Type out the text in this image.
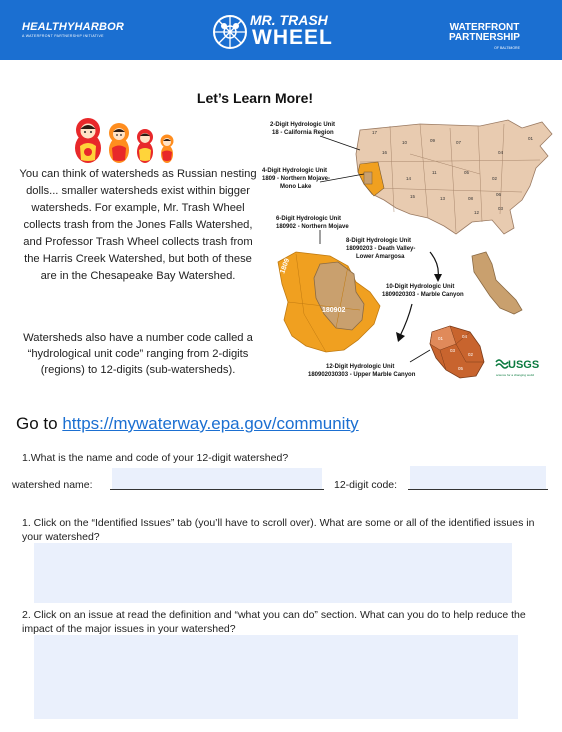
HEALTHYHARBOR
A WATERFRONT PARTNERSHIP INITIATIVE
MR. TRASH
WHEEL	WATERFRONT
PARTNERSHIP
OF BALTIMORE
Let’s Learn More!
You can think of watersheds as Russian nesting dolls... smaller watersheds exist within bigger watersheds. For example, Mr. Trash Wheel collects trash from the Jones Falls Watershed, and Professor Trash Wheel collects trash from the Harris Creek Watershed, but both of these are in the Chesapeake Bay Watershed.
Watersheds also have a number code called a “hydrological unit code” ranging from 2-digits (regions) to 12-digits (sub-watersheds).
17
10	09	07
04
01
14
11	05
02
15	13	08
06
12
03
16
2-Digit Hydrologic Unit
18 - California Region
4-Digit Hydrologic Unit
1809 - Northern Mojave-
Mono Lake
6-Digit Hydrologic Unit
180902 - Northern Mojave
1809
180902
8-Digit Hydrologic Unit
18090203 - Death Valley-
Lower Amargosa
10-Digit Hydrologic Unit
1809020303 - Marble Canyon
01	04
03
02
05
12-Digit Hydrologic Unit
180902030303 - Upper Marble Canyon
USGS
science for a changing world
Go to https://mywaterway.epa.gov/community
1.What is the name and code of your 12-digit watershed?
watershed name:	12-digit code:
1. Click on the “Identified Issues” tab (you’ll have to scroll over). What are some or all of the identified issues in your watershed?
2. Click on an issue at read the definition and “what you can do” section. What can you do to help reduce the impact of the major issues in your watershed?
